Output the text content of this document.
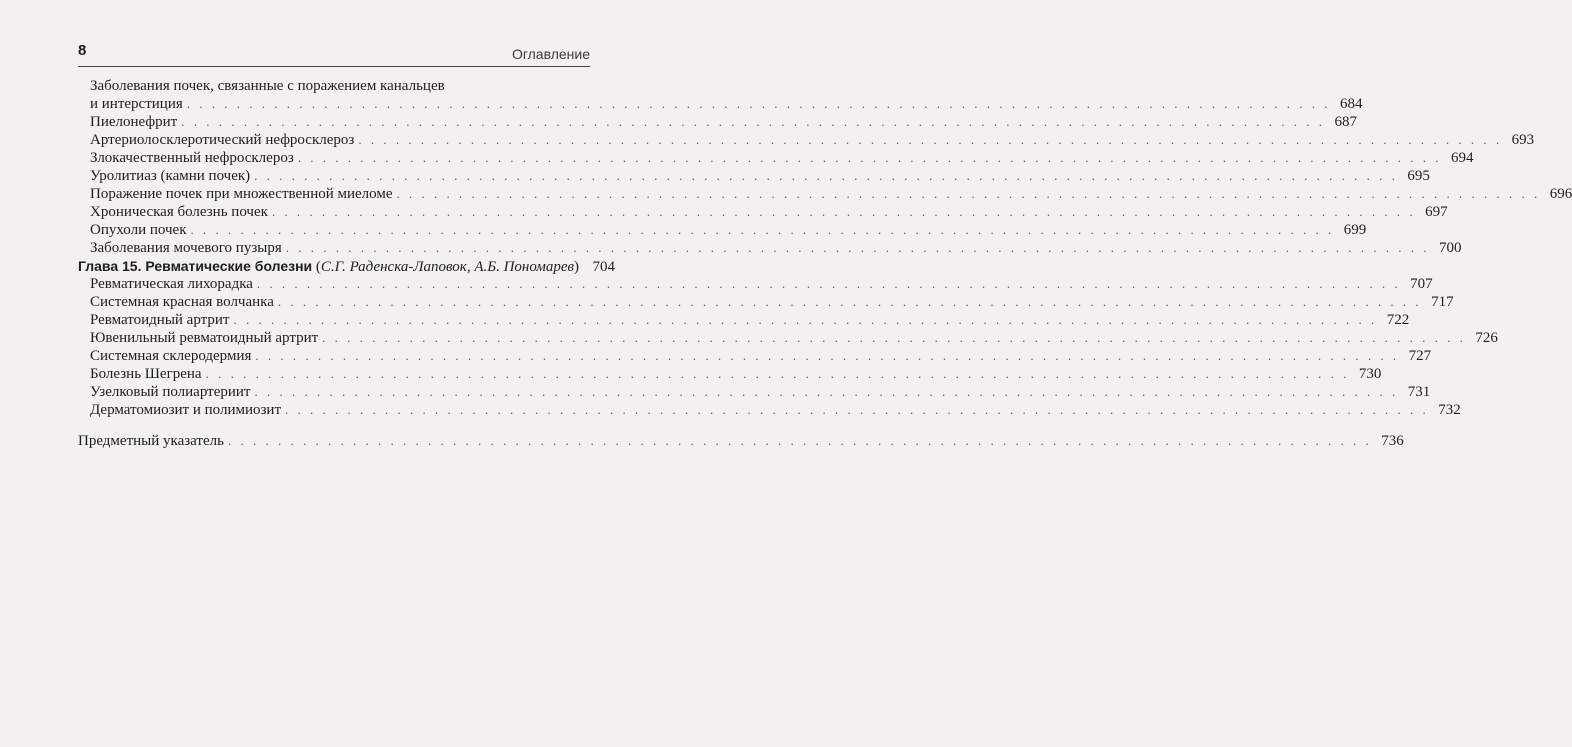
8	Оглавление
Заболевания почек, связанные с поражением канальцев
и интерстиция . . .	684
Пиелонефрит . . .	687
Артериолосклеротический нефросклероз . . .	693
Злокачественный нефросклероз . . .	694
Уролитиаз (камни почек) . . .	695
Поражение почек при множественной миеломе . . .	696
Хроническая болезнь почек . . .	697
Опухоли почек . . .	699
Заболевания мочевого пузыря . . .	700
Глава 15. Ревматические болезни (С.Г. Раденска-Лаповок, А.Б. Пономарев) 704
Ревматическая лихорадка . . .	707
Системная красная волчанка . . .	717
Ревматоидный артрит . . .	722
Ювенильный ревматоидный артрит . . .	726
Системная склеродермия . . .	727
Болезнь Шегрена . . .	730
Узелковый полиартериит . . .	731
Дерматомиозит и полимиозит . . .	732
Предметный указатель . . .	736
